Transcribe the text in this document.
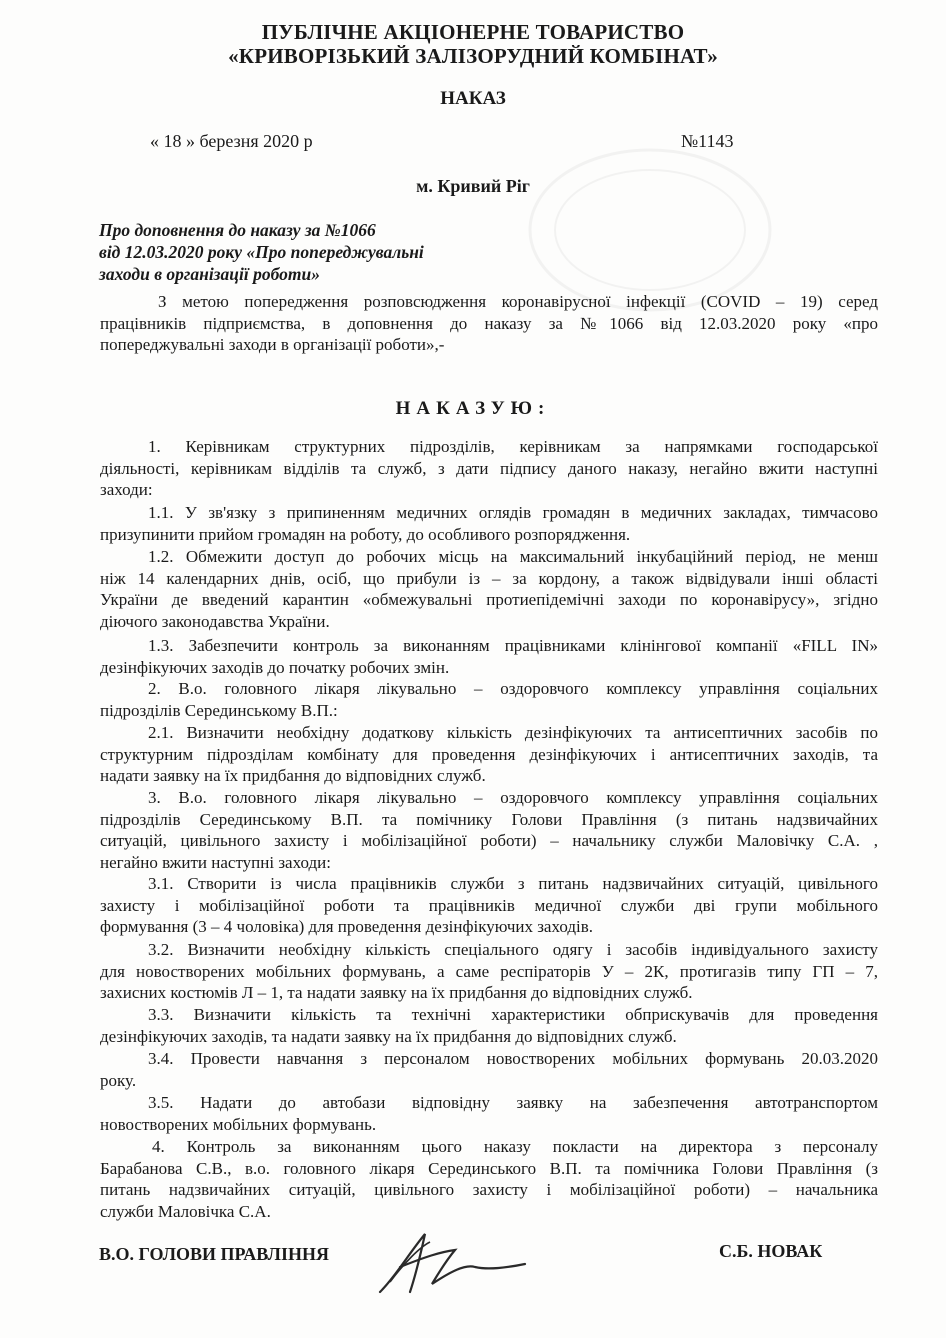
ПУБЛІЧНЕ АКЦІОНЕРНЕ ТОВАРИСТВО
«КРИВОРІЗЬКИЙ ЗАЛІЗОРУДНИЙ КОМБІНАТ»
НАКАЗ
« 18 » березня 2020 р	№1143
м. Кривий Ріг
Про доповнення до наказу за №1066
від 12.03.2020 року «Про попереджувальні
заходи в організації роботи»
З метою попередження розповсюдження коронавірусної інфекції (COVID – 19) серед
працівників підприємства, в доповнення до наказу за №1066 від 12.03.2020 року «про
попереджувальні заходи в організації роботи»,-
НАКАЗУЮ:
1. Керівникам структурних підрозділів, керівникам за напрямками господарської
діяльності, керівникам відділів та служб, з дати підпису даного наказу, негайно вжити наступні
заходи:
1.1. У зв'язку з припиненням медичних оглядів громадян в медичних закладах, тимчасово
призупинити прийом громадян на роботу, до особливого розпорядження.
1.2. Обмежити доступ до робочих місць на максимальний інкубаційний період, не менш
ніж 14 календарних днів, осіб, що прибули із – за кордону, а також відвідували інші області
України де введений карантин «обмежувальні протиепідемічні заходи по коронавірусу», згідно
діючого законодавства України.
1.3. Забезпечити контроль за виконанням працівниками клінінгової компанії «FILL IN»
дезінфікуючих заходів до початку робочих змін.
2. В.о. головного лікаря лікувально – оздоровчого комплексу управління соціальних
підрозділів Серединському В.П.:
2.1. Визначити необхідну додаткову кількість дезінфікуючих та антисептичних засобів по
структурним підрозділам комбінату для проведення дезінфікуючих і антисептичних заходів, та
надати заявку на їх придбання до відповідних служб.
3. В.о. головного лікаря лікувально – оздоровчого комплексу управління соціальних
підрозділів Серединському В.П. та помічнику Голови Правління (з питань надзвичайних
ситуацій, цивільного захисту і мобілізаційної роботи) – начальнику служби Маловічку С.А. ,
негайно вжити наступні заходи:
3.1. Створити із числа працівників служби з питань надзвичайних ситуацій, цивільного
захисту і мобілізаційної роботи та працівників медичної служби дві групи мобільного
формування (3 – 4 чоловіка) для проведення дезінфікуючих заходів.
3.2. Визначити необхідну кількість спеціального одягу і засобів індивідуального захисту
для новостворених мобільних формувань, а саме респіраторів У – 2К, протигазів типу ГП – 7,
захисних костюмів Л – 1, та надати заявку на їх придбання до відповідних служб.
3.3. Визначити кількість та технічні характеристики обприскувачів для проведення
дезінфікуючих заходів, та надати заявку на їх придбання до відповідних служб.
3.4. Провести навчання з персоналом новостворених мобільних формувань 20.03.2020
року.
3.5. Надати до автобази відповідну заявку на забезпечення автотранспортом
новостворених мобільних формувань.
4. Контроль за виконанням цього наказу покласти на директора з персоналу
Барабанова С.В., в.о. головного лікаря Серединського В.П. та помічника Голови Правління (з
питань надзвичайних ситуацій, цивільного захисту і мобілізаційної роботи) – начальника
служби Маловічка С.А.
В.О. ГОЛОВИ ПРАВЛІННЯ	С.Б. НОВАК
